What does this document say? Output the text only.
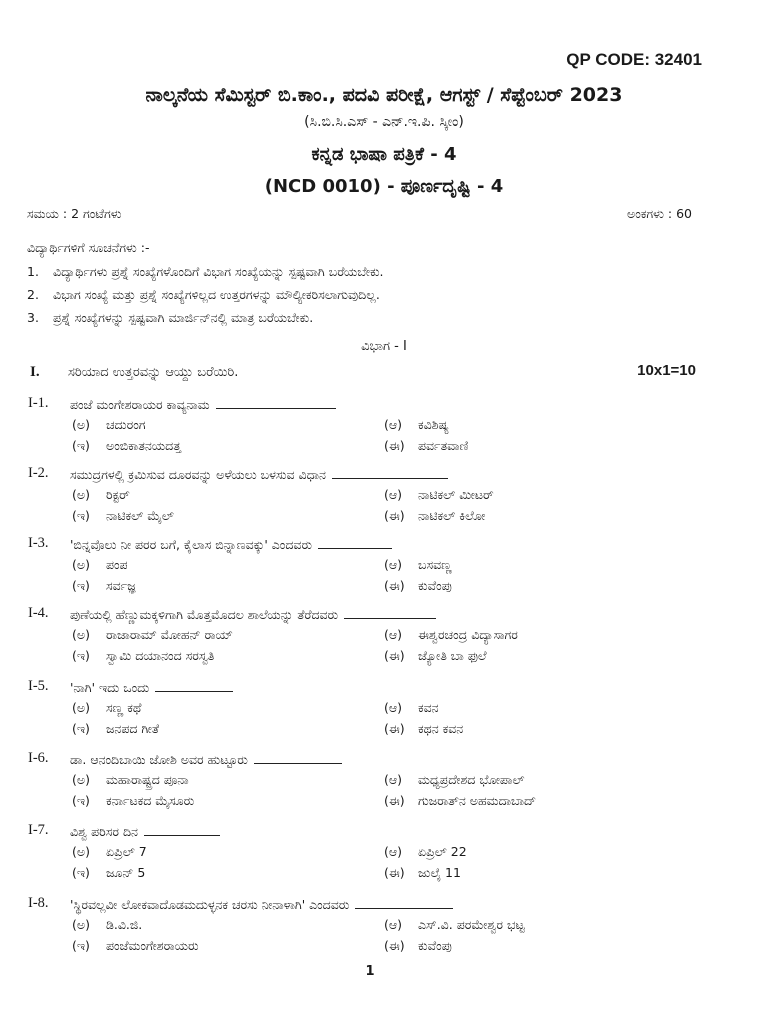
QP CODE: 32401
ನಾಲ್ಕನೆಯ ಸೆಮಿಸ್ಟರ್ ಬಿ.ಕಾಂ., ಪದವಿ ಪರೀಕ್ಷೆ, ಆಗಸ್ಟ್ / ಸೆಪ್ಟೆಂಬರ್ 2023
(ಸಿ.ಬಿ.ಸಿ.ಎಸ್ - ಎನ್.ಇ.ಪಿ. ಸ್ಕೀಂ)
ಕನ್ನಡ ಭಾಷಾ ಪತ್ರಿಕೆ - 4
(NCD 0010) - ಪೂರ್ಣದೃಷ್ಟಿ - 4
ಸಮಯ : 2 ಗಂಟೆಗಳು	ಅಂಕಗಳು : 60
ವಿದ್ಯಾರ್ಥಿಗಳಿಗೆ ಸೂಚನೆಗಳು :-
1. ವಿದ್ಯಾರ್ಥಿಗಳು ಪ್ರಶ್ನೆ ಸಂಖ್ಯೆಗಳೊಂದಿಗೆ ವಿಭಾಗ ಸಂಖ್ಯೆಯನ್ನು ಸ್ಪಷ್ಟವಾಗಿ ಬರೆಯಬೇಕು.
2. ವಿಭಾಗ ಸಂಖ್ಯೆ ಮತ್ತು ಪ್ರಶ್ನೆ ಸಂಖ್ಯೆಗಳಿಲ್ಲದ ಉತ್ತರಗಳನ್ನು ಮೌಲ್ಯೀಕರಿಸಲಾಗುವುದಿಲ್ಲ.
3. ಪ್ರಶ್ನೆ ಸಂಖ್ಯೆಗಳನ್ನು ಸ್ಪಷ್ಟವಾಗಿ ಮಾರ್ಜಿನ್‌ನಲ್ಲಿ ಮಾತ್ರ ಬರೆಯಬೇಕು.
ವಿಭಾಗ - I
I. ಸರಿಯಾದ ಉತ್ತರವನ್ನು ಆಯ್ದು ಬರೆಯಿರಿ.	10x1=10
I-1. ಪಂಜೆ ಮಂಗೇಶರಾಯರ ಕಾವ್ಯನಾಮ
(ಅ) ಚದುರಂಗ	(ಆ) ಕವಿಶಿಷ್ಯ
(ಇ) ಅಂಬಿಕಾತನಯದತ್ತ	(ಈ) ಪರ್ವತವಾಣಿ
I-2. ಸಮುದ್ರಗಳಲ್ಲಿ ಕ್ರಮಿಸುವ ದೂರವನ್ನು ಅಳೆಯಲು ಬಳಸುವ ವಿಧಾನ
(ಅ) ರಿಕ್ಟರ್	(ಆ) ನಾಟಿಕಲ್ ಮೀಟರ್
(ಇ) ನಾಟಿಕಲ್ ಮೈಲ್	(ಈ) ನಾಟಿಕಲ್ ಕಿಲೋ
I-3. 'ಬಿನ್ನವೊಲು ನೀ ಪರರ ಬಗೆ, ಕೈಲಾಸ ಬಿನ್ನಾಣವಕ್ಕು' ಎಂದವರು
(ಅ) ಪಂಪ	(ಆ) ಬಸವಣ್ಣ
(ಇ) ಸರ್ವಜ್ಞ	(ಈ) ಕುವೆಂಪು
I-4. ಪುಣೆಯಲ್ಲಿ ಹೆಣ್ಣುಮಕ್ಕಳಿಗಾಗಿ ಮೊತ್ತಮೊದಲ ಶಾಲೆಯನ್ನು ತೆರೆದವರು
(ಅ) ರಾಜಾರಾಮ್ ಮೋಹನ್ ರಾಯ್	(ಆ) ಈಶ್ವರಚಂದ್ರ ವಿದ್ಯಾಸಾಗರ
(ಇ) ಸ್ವಾಮಿ ದಯಾನಂದ ಸರಸ್ವತಿ	(ಈ) ಜ್ಯೋತಿ ಬಾ ಫುಲೆ
I-5. 'ನಾಗಿ' ಇದು ಒಂದು
(ಅ) ಸಣ್ಣ ಕಥೆ	(ಆ) ಕವನ
(ಇ) ಜನಪದ ಗೀತೆ	(ಈ) ಕಥನ ಕವನ
I-6. ಡಾ. ಆನಂದಿಬಾಯಿ ಜೋಶಿ ಅವರ ಹುಟ್ಟೂರು
(ಅ) ಮಹಾರಾಷ್ಟ್ರದ ಪೂನಾ	(ಆ) ಮಧ್ಯಪ್ರದೇಶದ ಭೋಪಾಲ್
(ಇ) ಕರ್ನಾಟಕದ ಮೈಸೂರು	(ಈ) ಗುಜರಾತ್‌ನ ಅಹಮದಾಬಾದ್
I-7. ವಿಶ್ವ ಪರಿಸರ ದಿನ
(ಅ) ಏಪ್ರಿಲ್ 7	(ಆ) ಏಪ್ರಿಲ್ 22
(ಇ) ಜೂನ್ 5	(ಈ) ಜುಲೈ 11
I-8. 'ಸ್ಥಿರವಲ್ಲವೀ ಲೋಕವಾದೊಡಮದುಳ್ಳನಕ ಚರಸು ನೀನಾಳಾಗಿ' ಎಂದವರು
(ಅ) ಡಿ.ವಿ.ಜಿ.	(ಆ) ಎಸ್.ವಿ. ಪರಮೇಶ್ವರ ಭಟ್ಟ
(ಇ) ಪಂಜೆಮಂಗೇಶರಾಯರು	(ಈ) ಕುವೆಂಪು
1
